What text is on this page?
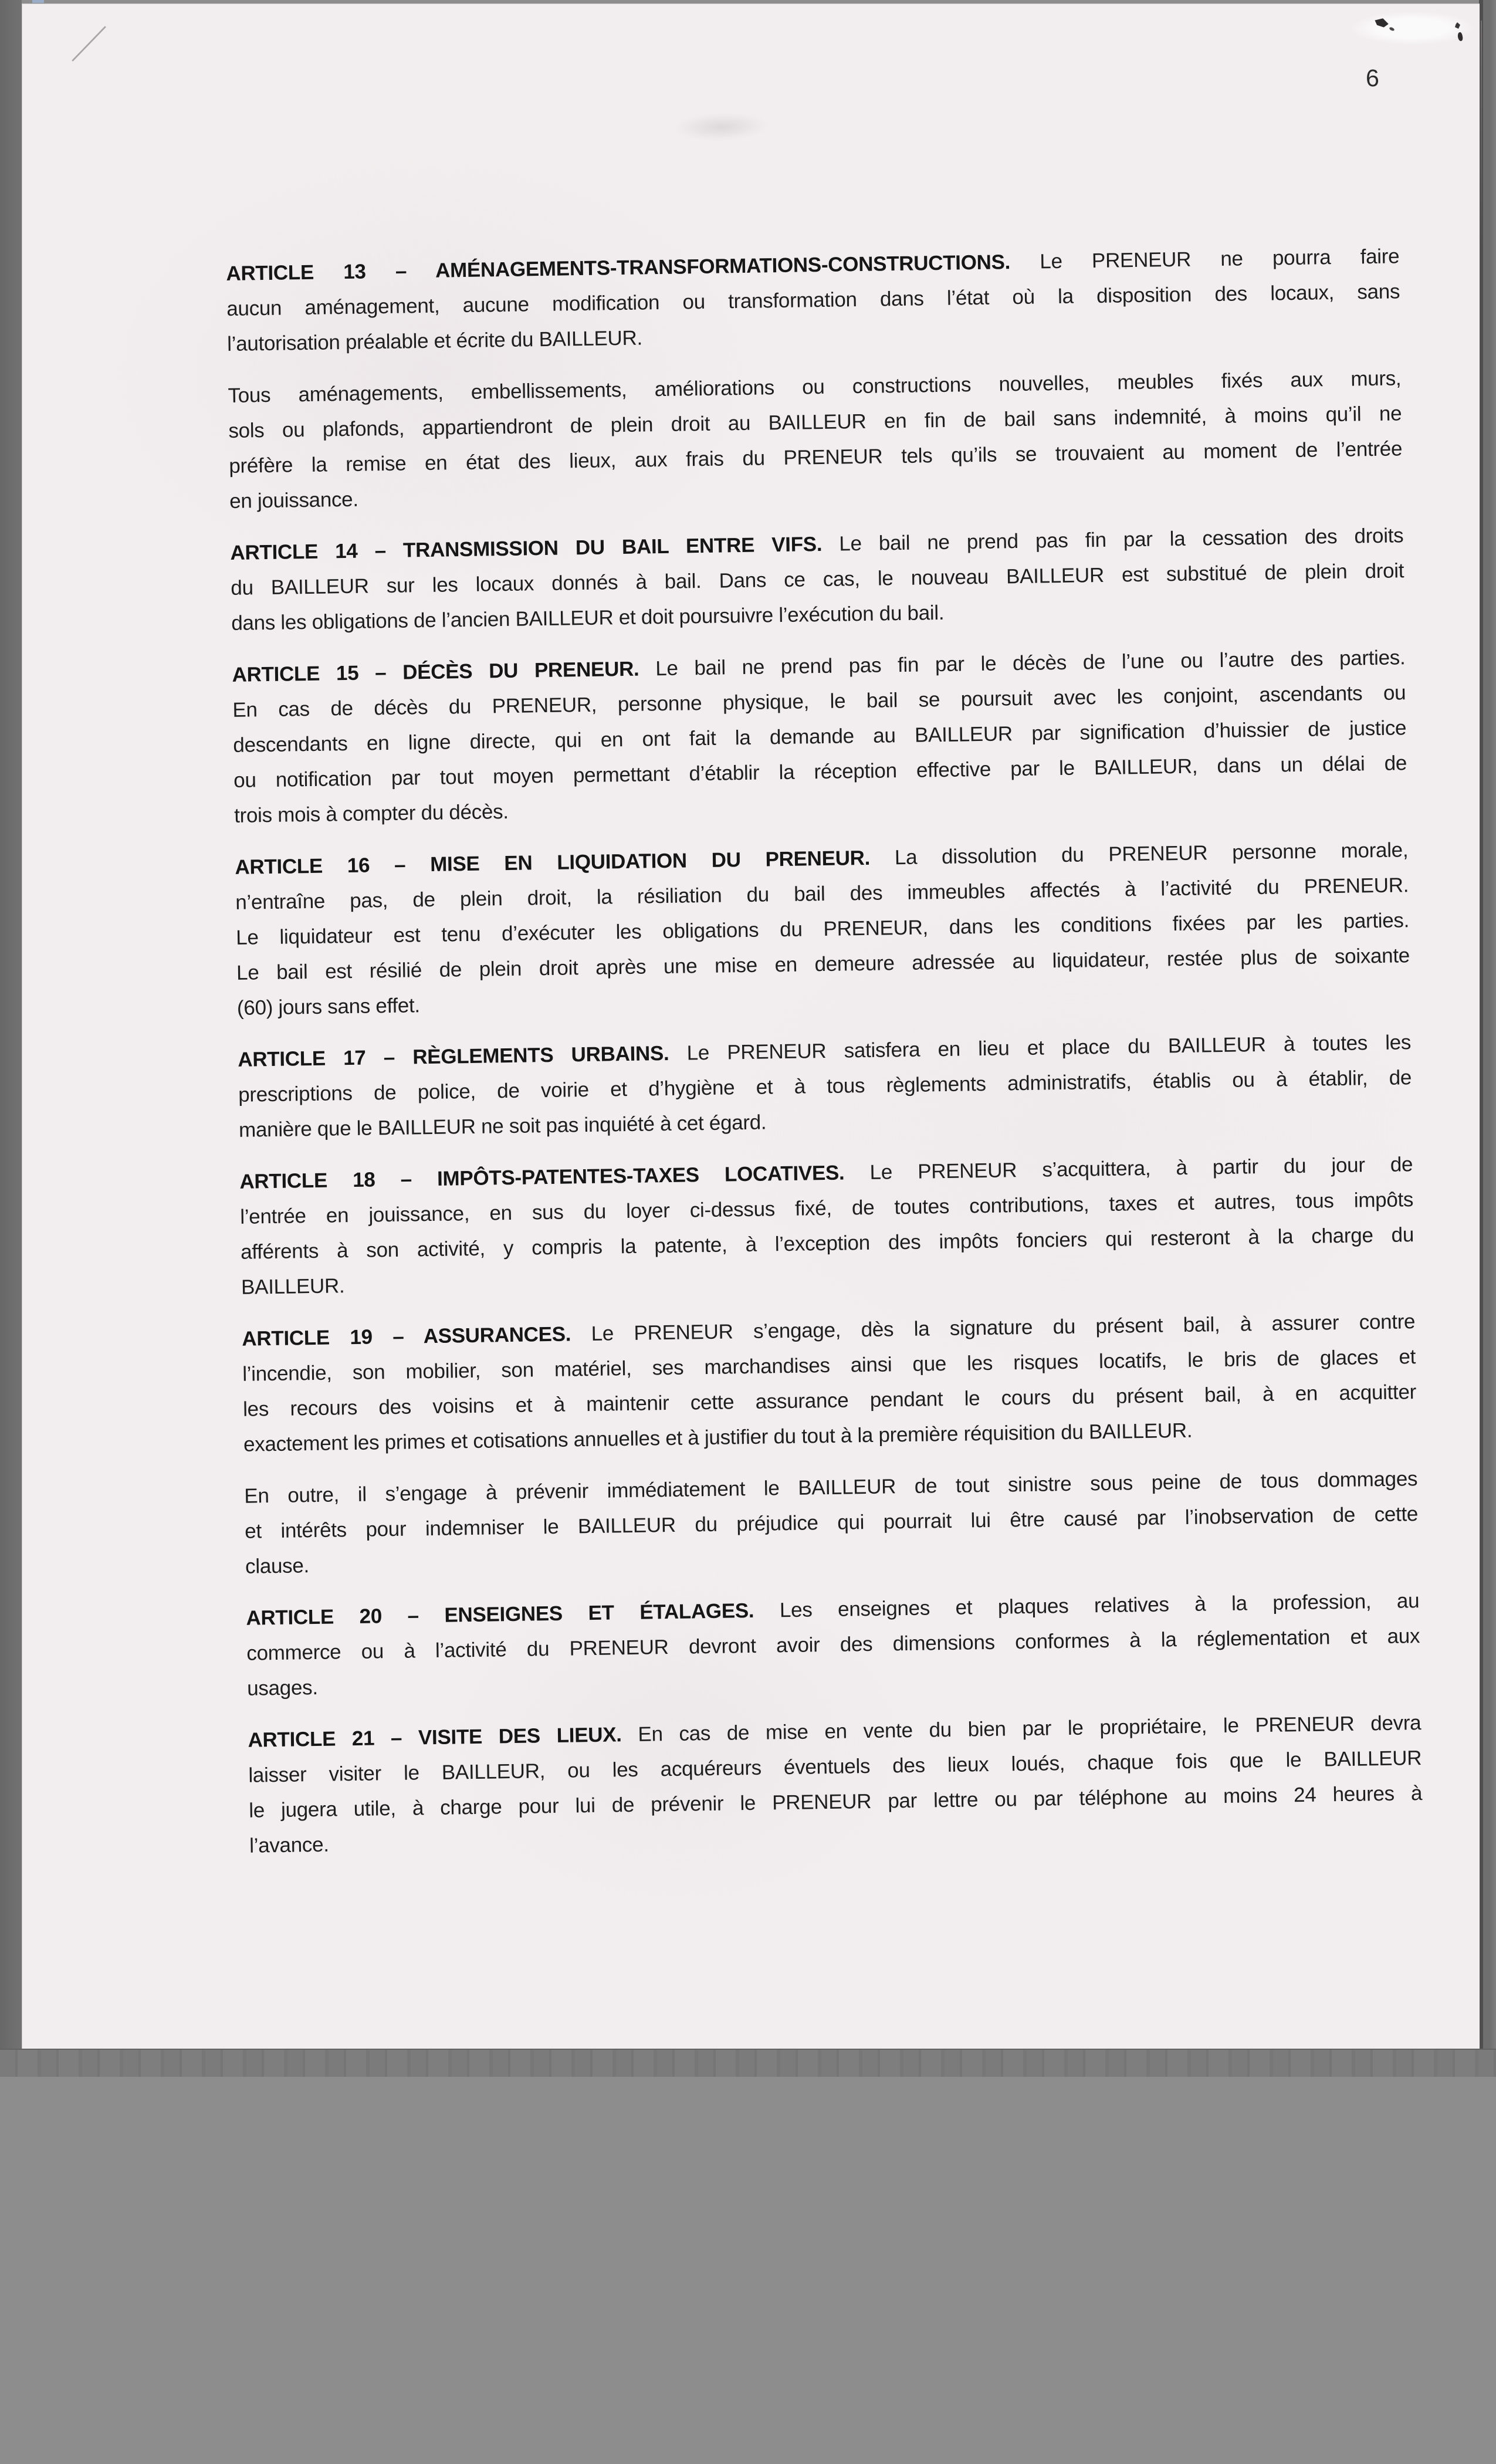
6

ARTICLE 13 – AMÉNAGEMENTS-TRANSFORMATIONS-CONSTRUCTIONS. Le PRENEUR ne pourra faire
aucun aménagement, aucune modification ou transformation dans l’état où la disposition des locaux, sans
l’autorisation préalable et écrite du BAILLEUR.

Tous aménagements, embellissements, améliorations ou constructions nouvelles, meubles fixés aux murs,
sols ou plafonds, appartiendront de plein droit au BAILLEUR en fin de bail sans indemnité, à moins qu’il ne
préfère la remise en état des lieux, aux frais du PRENEUR tels qu’ils se trouvaient au moment de l’entrée
en jouissance.

ARTICLE 14 – TRANSMISSION DU BAIL ENTRE VIFS. Le bail ne prend pas fin par la cessation des droits
du BAILLEUR sur les locaux donnés à bail. Dans ce cas, le nouveau BAILLEUR est substitué de plein droit
dans les obligations de l’ancien BAILLEUR et doit poursuivre l’exécution du bail.

ARTICLE 15 – DÉCÈS DU PRENEUR. Le bail ne prend pas fin par le décès de l’une ou l’autre des parties.
En cas de décès du PRENEUR, personne physique, le bail se poursuit avec les conjoint, ascendants ou
descendants en ligne directe, qui en ont fait la demande au BAILLEUR par signification d’huissier de justice
ou notification par tout moyen permettant d’établir la réception effective par le BAILLEUR, dans un délai de
trois mois à compter du décès.

ARTICLE 16 – MISE EN LIQUIDATION DU PRENEUR. La dissolution du PRENEUR personne morale,
n’entraîne pas, de plein droit, la résiliation du bail des immeubles affectés à l’activité du PRENEUR.
Le liquidateur est tenu d’exécuter les obligations du PRENEUR, dans les conditions fixées par les parties.
Le bail est résilié de plein droit après une mise en demeure adressée au liquidateur, restée plus de soixante
(60) jours sans effet.

ARTICLE 17 – RÈGLEMENTS URBAINS. Le PRENEUR satisfera en lieu et place du BAILLEUR à toutes les
prescriptions de police, de voirie et d’hygiène et à tous règlements administratifs, établis ou à établir, de
manière que le BAILLEUR ne soit pas inquiété à cet égard.

ARTICLE 18 – IMPÔTS-PATENTES-TAXES LOCATIVES. Le PRENEUR s’acquittera, à partir du jour de
l’entrée en jouissance, en sus du loyer ci-dessus fixé, de toutes contributions, taxes et autres, tous impôts
afférents à son activité, y compris la patente, à l’exception des impôts fonciers qui resteront à la charge du
BAILLEUR.

ARTICLE 19 – ASSURANCES. Le PRENEUR s’engage, dès la signature du présent bail, à assurer contre
l’incendie, son mobilier, son matériel, ses marchandises ainsi que les risques locatifs, le bris de glaces et
les recours des voisins et à maintenir cette assurance pendant le cours du présent bail, à en acquitter
exactement les primes et cotisations annuelles et à justifier du tout à la première réquisition du BAILLEUR.

En outre, il s’engage à prévenir immédiatement le BAILLEUR de tout sinistre sous peine de tous dommages
et intérêts pour indemniser le BAILLEUR du préjudice qui pourrait lui être causé par l’inobservation de cette
clause.

ARTICLE 20 – ENSEIGNES ET ÉTALAGES. Les enseignes et plaques relatives à la profession, au
commerce ou à l’activité du PRENEUR devront avoir des dimensions conformes à la réglementation et aux
usages.

ARTICLE 21 – VISITE DES LIEUX. En cas de mise en vente du bien par le propriétaire, le PRENEUR devra
laisser visiter le BAILLEUR, ou les acquéreurs éventuels des lieux loués, chaque fois que le BAILLEUR
le jugera utile, à charge pour lui de prévenir le PRENEUR par lettre ou par téléphone au moins 24 heures à
l’avance.
